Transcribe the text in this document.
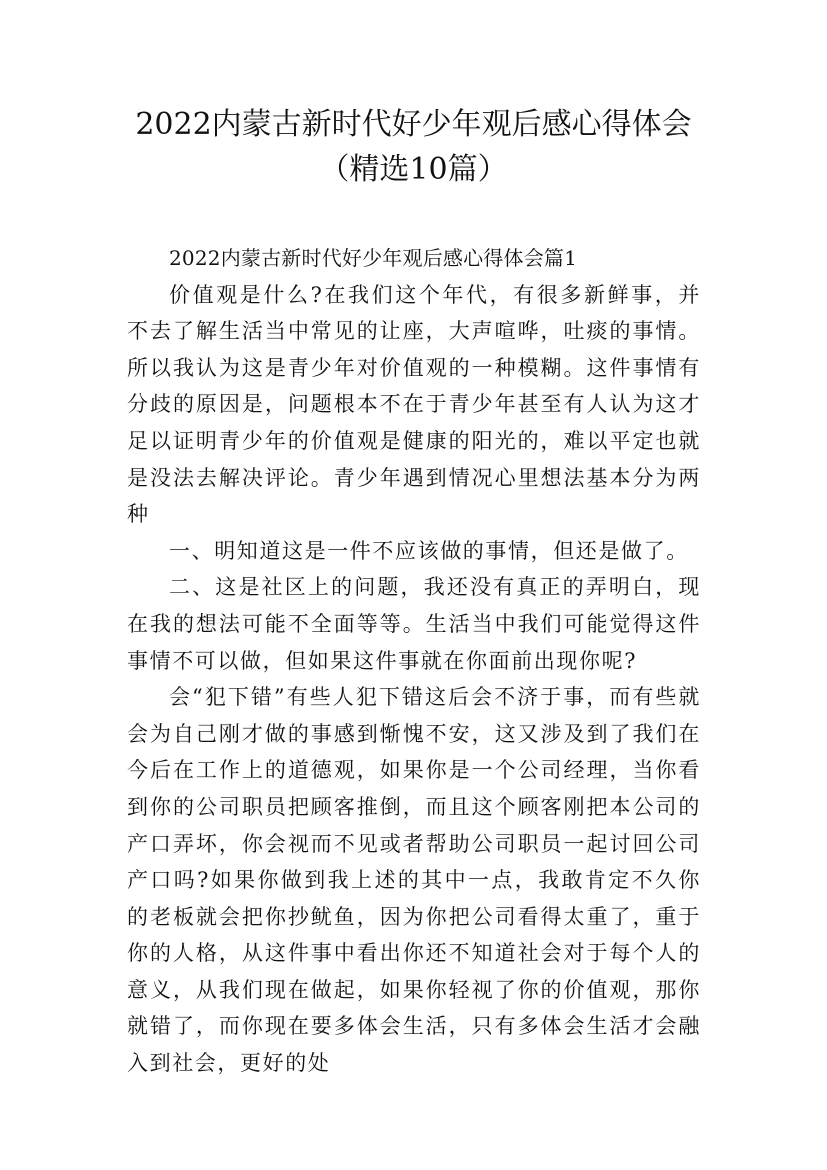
2022内蒙古新时代好少年观后感心得体会
（精选10篇）

2022内蒙古新时代好少年观后感心得体会篇1

价值观是什么?在我们这个年代，有很多新鲜事，并不去了解生活当中常见的让座，大声喧哗，吐痰的事情。所以我认为这是青少年对价值观的一种模糊。这件事情有分歧的原因是，问题根本不在于青少年甚至有人认为这才足以证明青少年的价值观是健康的阳光的，难以平定也就是没法去解决评论。青少年遇到情况心里想法基本分为两种

一、明知道这是一件不应该做的事情，但还是做了。

二、这是社区上的问题，我还没有真正的弄明白，现在我的想法可能不全面等等。生活当中我们可能觉得这件事情不可以做，但如果这件事就在你面前出现你呢?

会“犯下错”有些人犯下错这后会不济于事，而有些就会为自己刚才做的事感到惭愧不安，这又涉及到了我们在今后在工作上的道德观，如果你是一个公司经理，当你看到你的公司职员把顾客推倒，而且这个顾客刚把本公司的产口弄坏，你会视而不见或者帮助公司职员一起讨回公司产口吗?如果你做到我上述的其中一点，我敢肯定不久你的老板就会把你抄鱿鱼，因为你把公司看得太重了，重于你的人格，从这件事中看出你还不知道社会对于每个人的意义，从我们现在做起，如果你轻视了你的价值观，那你就错了，而你现在要多体会生活，只有多体会生活才会融入到社会，更好的处
